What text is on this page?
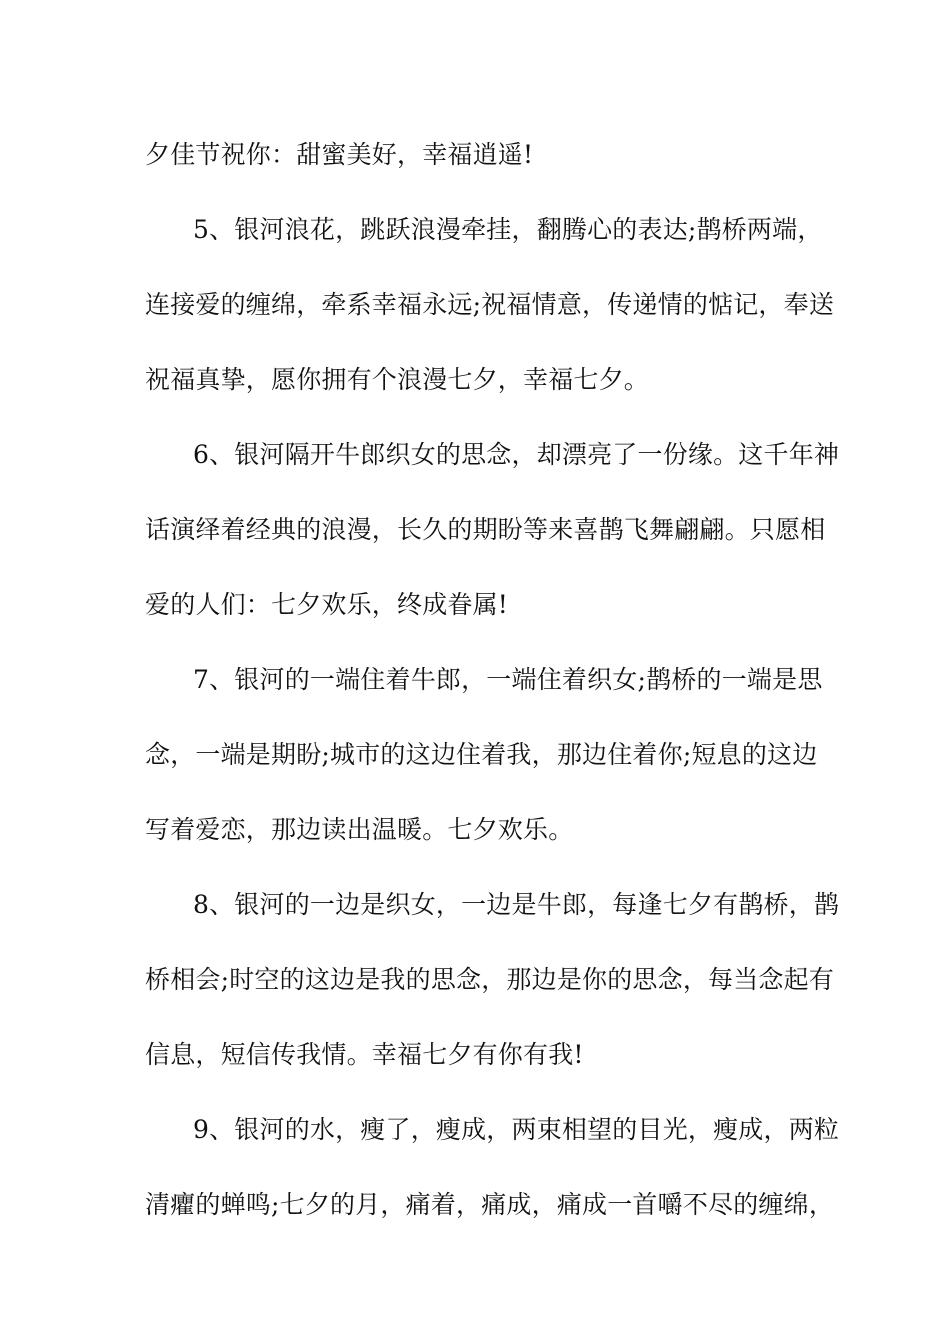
夕佳节祝你：甜蜜美好，幸福逍遥!
5、银河浪花，跳跃浪漫牵挂，翻腾心的表达;鹊桥两端，
连接爱的缠绵，牵系幸福永远;祝福情意，传递情的惦记，奉送
祝福真挚，愿你拥有个浪漫七夕，幸福七夕。
6、银河隔开牛郎织女的思念，却漂亮了一份缘。这千年神
话演绎着经典的浪漫，长久的期盼等来喜鹊飞舞翩翩。只愿相
爱的人们：七夕欢乐，终成眷属!
7、银河的一端住着牛郎，一端住着织女;鹊桥的一端是思
念，一端是期盼;城市的这边住着我，那边住着你;短息的这边
写着爱恋，那边读出温暖。七夕欢乐。
8、银河的一边是织女，一边是牛郎，每逢七夕有鹊桥，鹊
桥相会;时空的这边是我的思念，那边是你的思念，每当念起有
信息，短信传我情。幸福七夕有你有我!
9、银河的水，瘦了，瘦成，两束相望的目光，瘦成，两粒
清癯的蝉鸣;七夕的月，痛着，痛成，痛成一首嚼不尽的缠绵，
